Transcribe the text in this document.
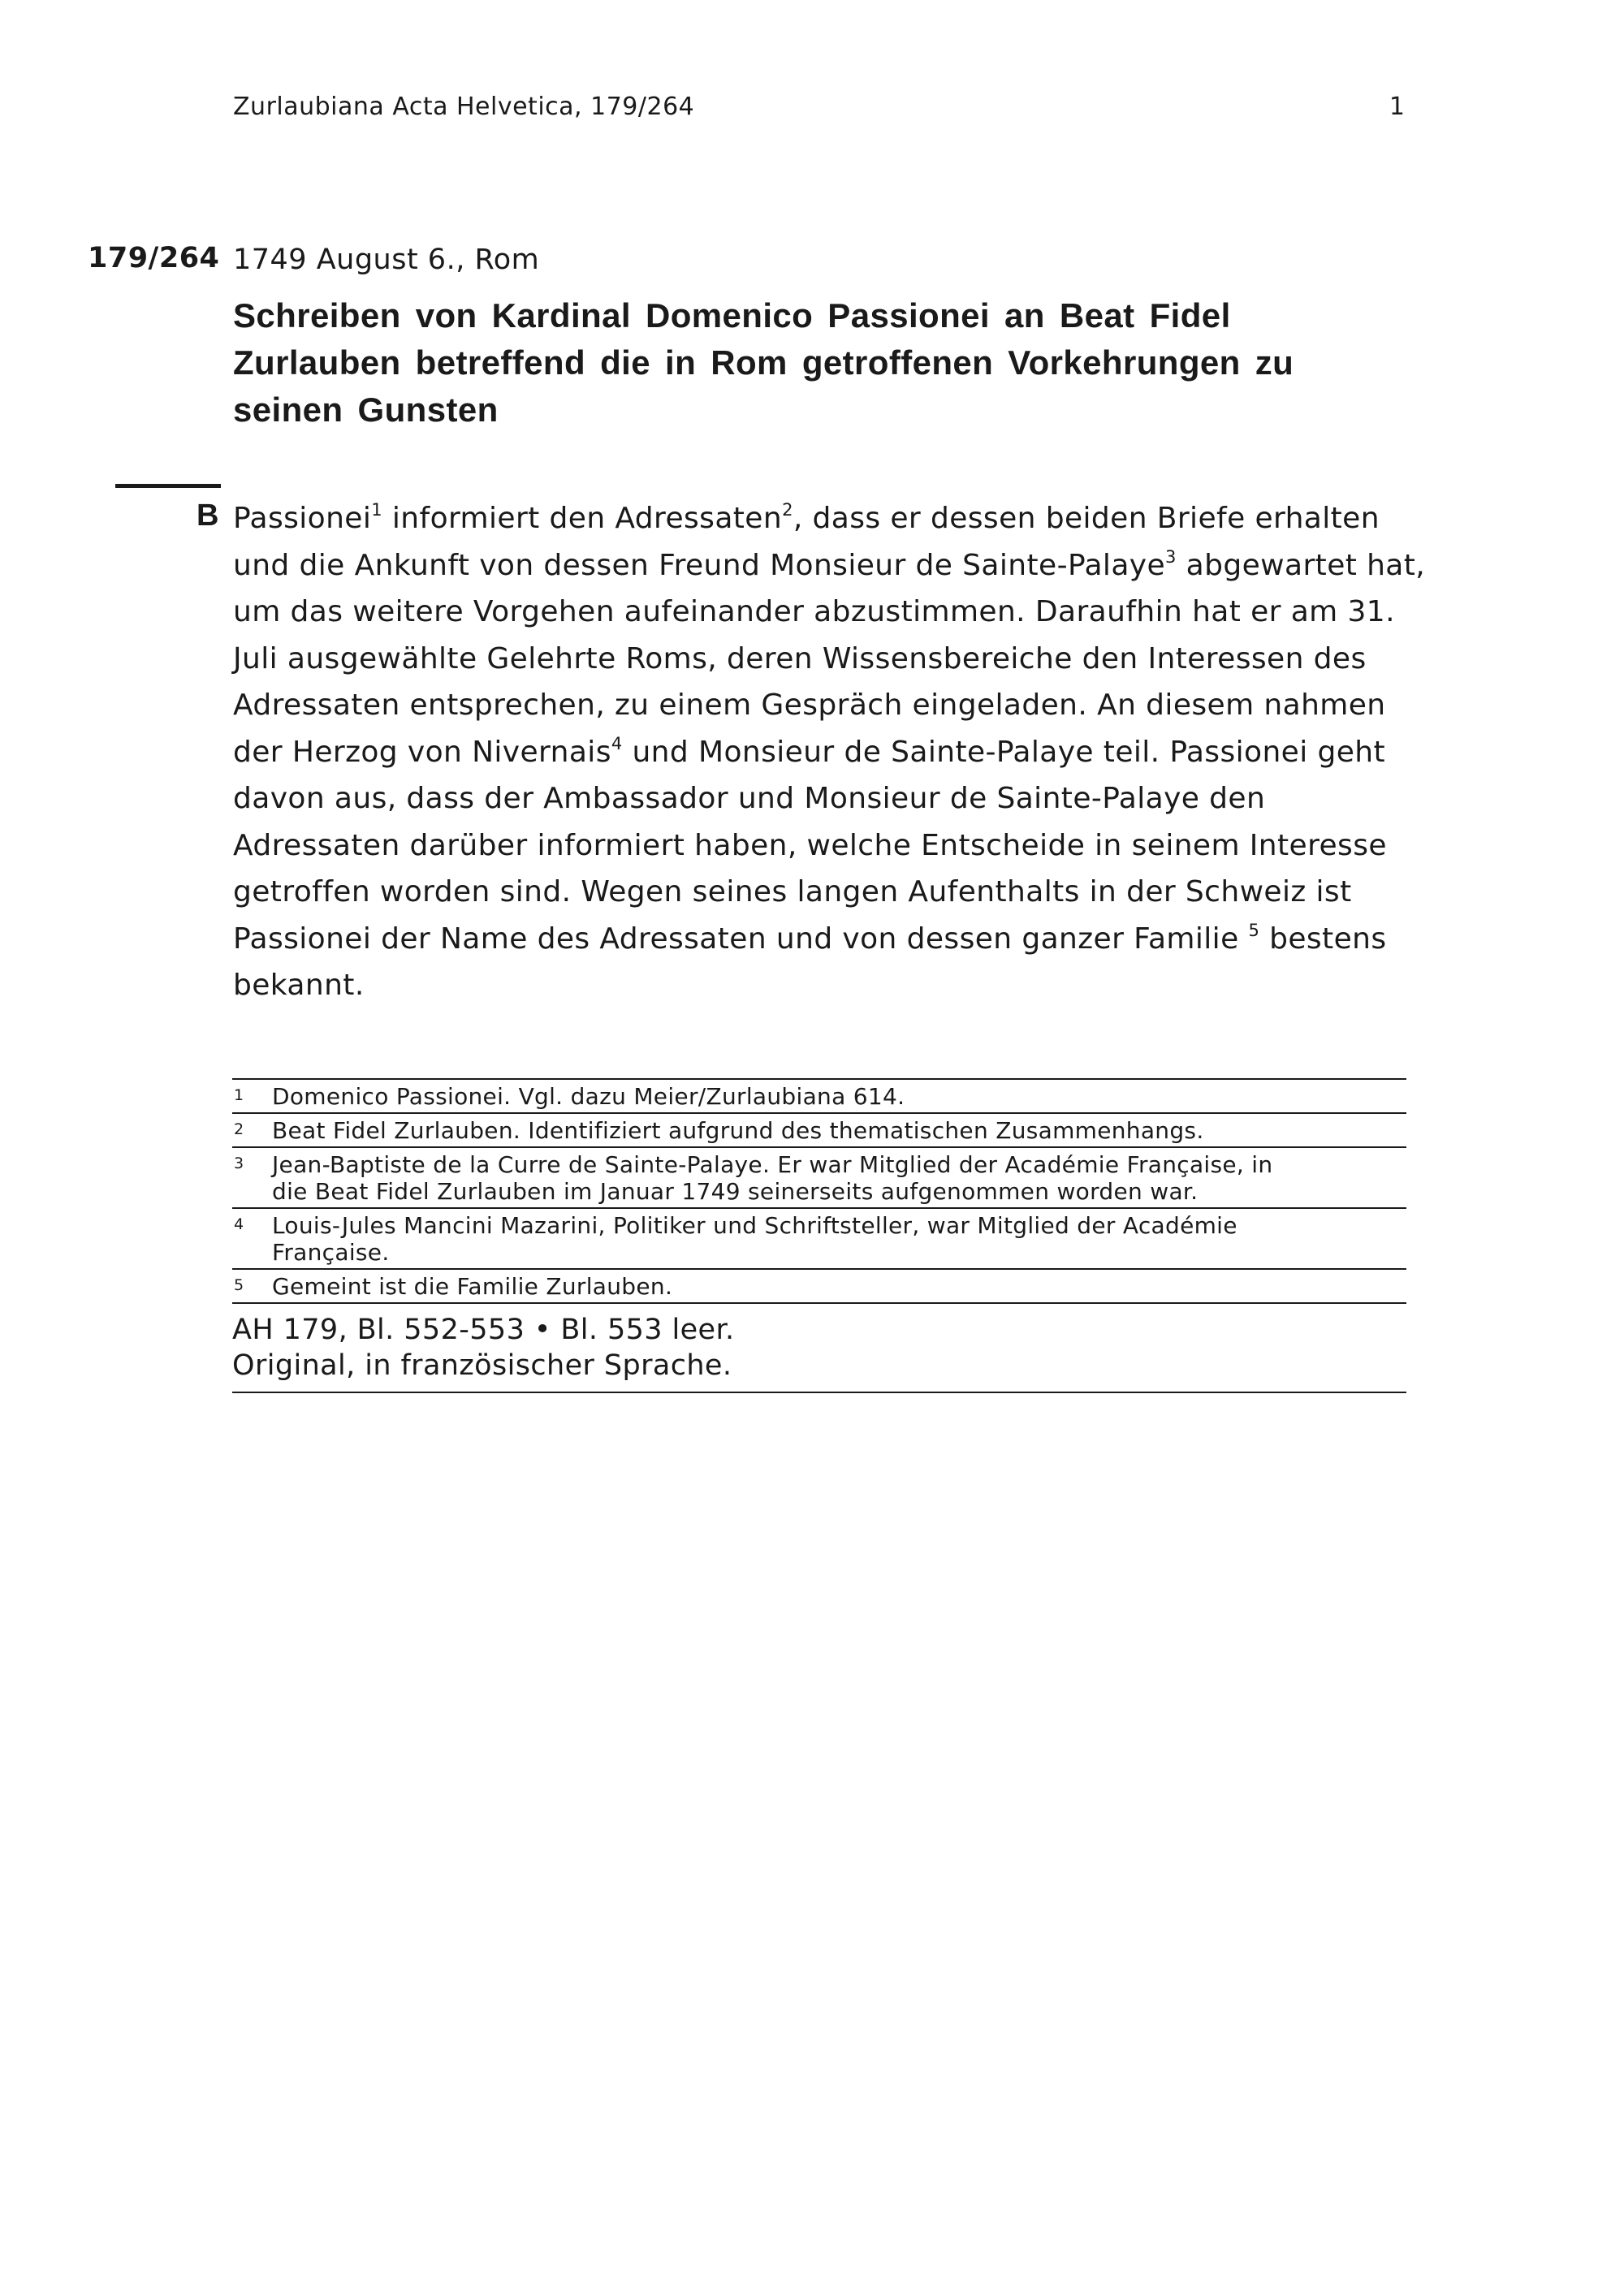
Zurlaubiana Acta Helvetica, 179/264	1
179/264 1749 August 6., Rom
Schreiben von Kardinal Domenico Passionei an Beat Fidel
Zurlauben betreffend die in Rom getroffenen Vorkehrungen zu
seinen Gunsten
B Passionei$^1$ informiert den Adressaten$^2$, dass er dessen beiden Briefe erhalten
und die Ankunft von dessen Freund Monsieur de Sainte-Palaye$^3$ abgewartet hat,
um das weitere Vorgehen aufeinander abzustimmen. Daraufhin hat er am 31.
Juli ausgewählte Gelehrte Roms, deren Wissensbereiche den Interessen des
Adressaten entsprechen, zu einem Gespräch eingeladen. An diesem nahmen
der Herzog von Nivernais$^4$ und Monsieur de Sainte-Palaye teil. Passionei geht
davon aus, dass der Ambassador und Monsieur de Sainte-Palaye den
Adressaten darüber informiert haben, welche Entscheide in seinem Interesse
getroffen worden sind. Wegen seines langen Aufenthalts in der Schweiz ist
Passionei der Name des Adressaten und von dessen ganzer Familie $^5$ bestens
bekannt.
1 Domenico Passionei. Vgl. dazu Meier/Zurlaubiana 614.
2 Beat Fidel Zurlauben. Identifiziert aufgrund des thematischen Zusammenhangs.
3 Jean-Baptiste de la Curre de Sainte-Palaye. Er war Mitglied der Académie Française, in
die Beat Fidel Zurlauben im Januar 1749 seinerseits aufgenommen worden war.
4 Louis-Jules Mancini Mazarini, Politiker und Schriftsteller, war Mitglied der Académie
Française.
5 Gemeint ist die Familie Zurlauben.
AH 179, Bl. 552-553 • Bl. 553 leer.
Original, in französischer Sprache.
